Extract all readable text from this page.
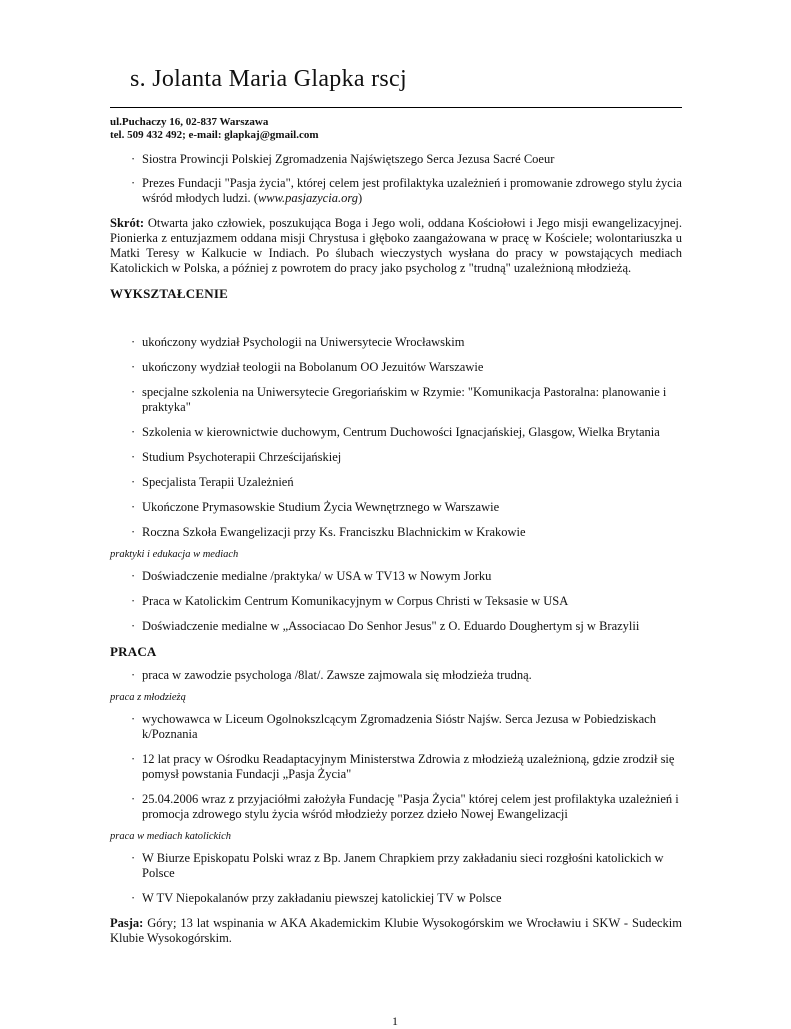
s. Jolanta Maria Glapka rscj
ul.Puchaczy 16, 02-837 Warszawa
tel. 509 432 492; e-mail: glapkaj@gmail.com
· Siostra Prowincji Polskiej Zgromadzenia Najświętszego Serca Jezusa Sacré Coeur
· Prezes Fundacji "Pasja życia", której celem jest profilaktyka uzależnień i promowanie zdrowego stylu życia wśród młodych ludzi. (www.pasjazycia.org)

Skrót: Otwarta jako człowiek, poszukująca Boga i Jego woli, oddana Kościołowi i Jego misji ewangelizacyjnej. Pionierka z entuzjazmem oddana misji Chrystusa i głęboko zaangażowana w pracę w Kościele; wolontariuszka u Matki Teresy w Kalkucie w Indiach. Po ślubach wieczystych wysłana do pracy w powstających mediach Katolickich w Polska, a później z powrotem do pracy jako psycholog z "trudną" uzależnioną młodzieżą.

WYKSZTAŁCENIE
· ukończony wydział Psychologii na Uniwersytecie Wrocławskim
· ukończony wydział teologii na Bobolanum OO Jezuitów Warszawie
· specjalne szkolenia na Uniwersytecie Gregoriańskim w Rzymie: "Komunikacja Pastoralna: planowanie i praktyka"
· Szkolenia w kierownictwie duchowym, Centrum Duchowości Ignacjańskiej, Glasgow, Wielka Brytania
· Studium Psychoterapii Chrześcijańskiej
· Specjalista Terapii Uzależnień
· Ukończone Prymasowskie Studium Życia Wewnętrznego w Warszawie
· Roczna Szkoła Ewangelizacji przy Ks. Franciszku Blachnickim w Krakowie
praktyki i edukacja w mediach
· Doświadczenie medialne /praktyka/ w USA w TV13 w Nowym Jorku
· Praca w Katolickim Centrum Komunikacyjnym w Corpus Christi w Teksasie w USA
· Doświadczenie medialne w „Associacao Do Senhor Jesus" z O. Eduardo Doughertym sj w Brazylii
PRACA
· praca w zawodzie psychologa /8lat/. Zawsze zajmowala się młodzieża trudną.
praca z młodzieżą
· wychowawca w Liceum Ogolnokszlcącym Zgromadzenia Sióstr Najśw. Serca Jezusa w Pobiedziskach k/Poznania
· 12 lat pracy w Ośrodku Readaptacyjnym Ministerstwa Zdrowia z młodzieżą uzależnioną, gdzie zrodził się pomysł powstania Fundacji „Pasja Życia"
· 25.04.2006 wraz z przyjaciółmi założyła Fundację "Pasja Życia" której celem jest profilaktyka uzależnień i promocja zdrowego stylu życia wśród młodzieży porzez dzieło Nowej Ewangelizacji
praca w mediach katolickich
· W Biurze Episkopatu Polski wraz z Bp. Janem Chrapkiem przy zakładaniu sieci rozgłośni katolickich w Polsce
· W TV Niepokalanów przy zakładaniu piewszej katolickiej TV w Polsce

Pasja: Góry; 13 lat wspinania w AKA Akademickim Klubie Wysokogórskim we Wrocławiu i SKW - Sudeckim Klubie Wysokogórskim.

1
